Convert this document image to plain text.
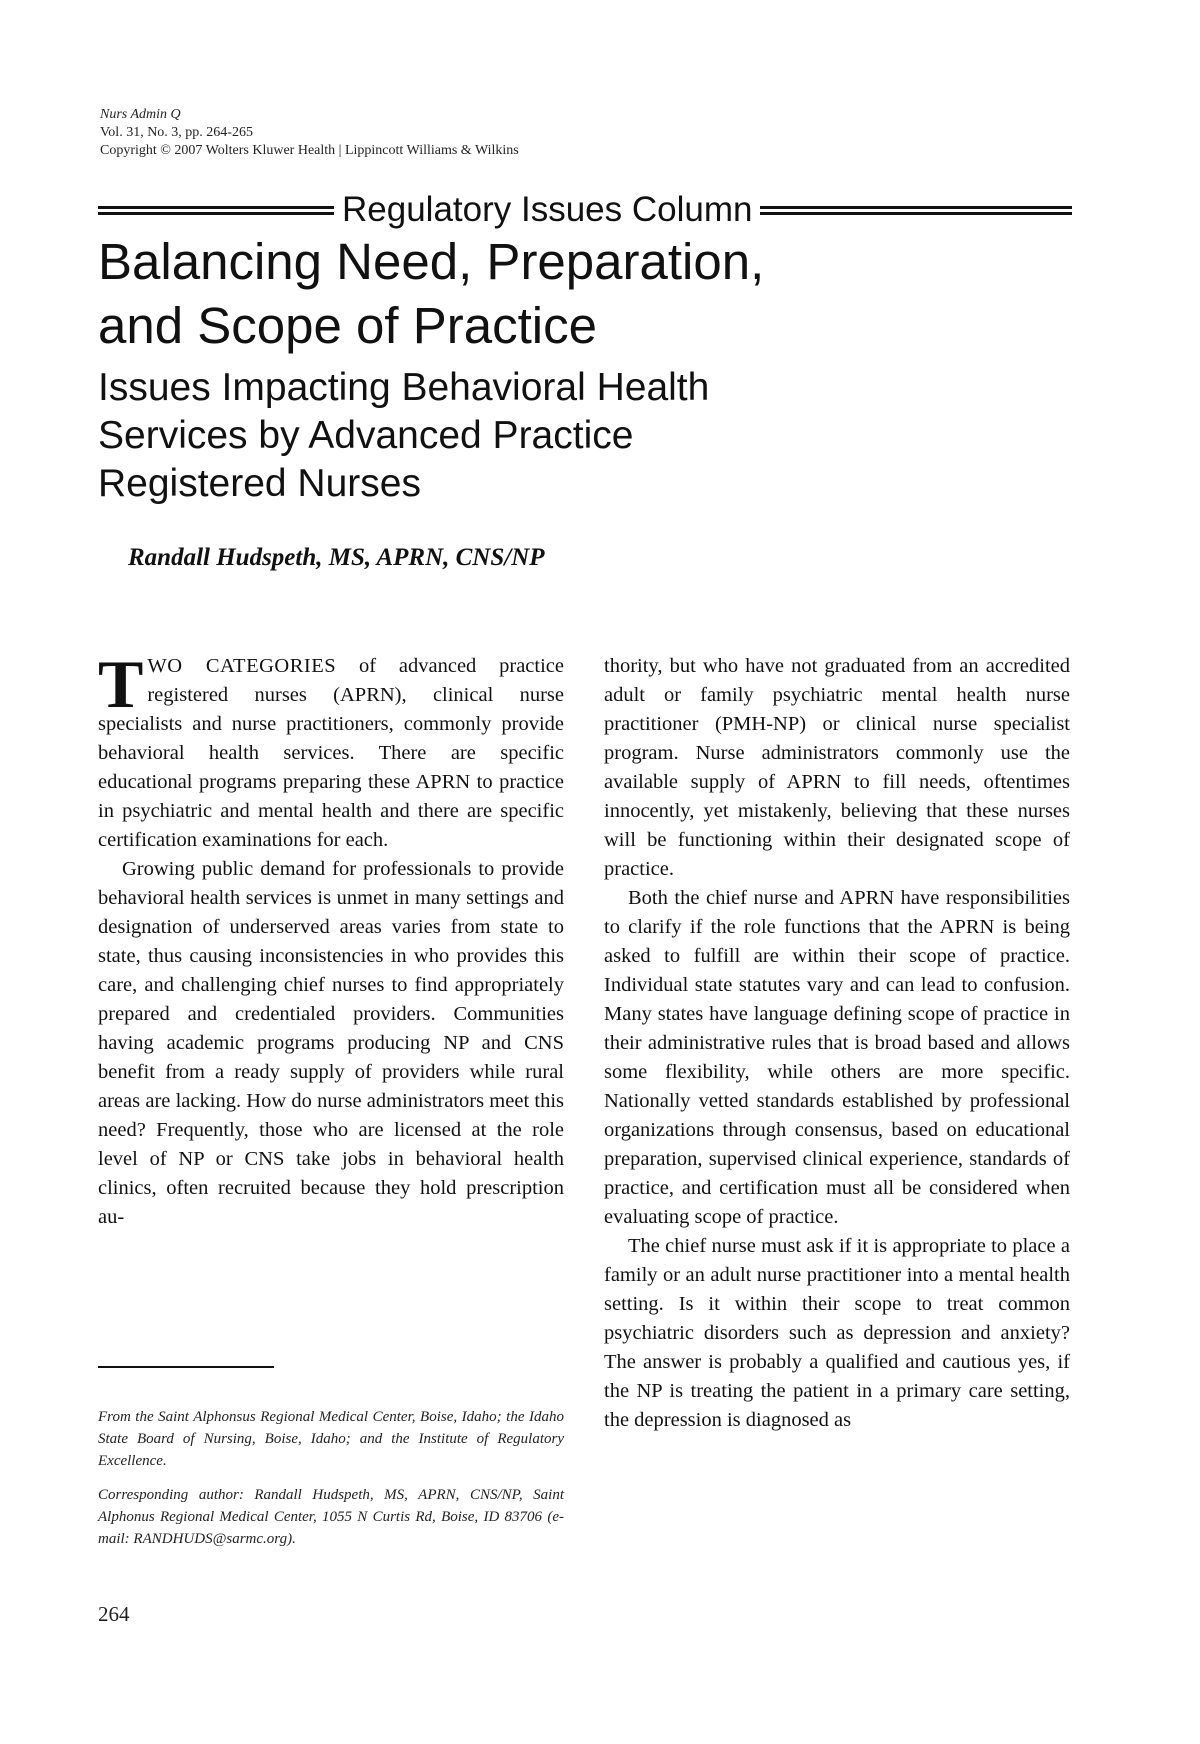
Nurs Admin Q
Vol. 31, No. 3, pp. 264-265
Copyright © 2007 Wolters Kluwer Health | Lippincott Williams & Wilkins
Regulatory Issues Column
Balancing Need, Preparation,
and Scope of Practice
Issues Impacting Behavioral Health
Services by Advanced Practice
Registered Nurses
Randall Hudspeth, MS, APRN, CNS/NP

TWO CATEGORIES of advanced practice registered nurses (APRN), clinical nurse specialists and nurse practitioners, commonly provide behavioral health services. There are specific educational programs preparing these APRN to practice in psychiatric and mental health and there are specific certification examinations for each.

Growing public demand for professionals to provide behavioral health services is unmet in many settings and designation of underserved areas varies from state to state, thus causing inconsistencies in who provides this care, and challenging chief nurses to find appropriately prepared and credentialed providers. Communities having academic programs producing NP and CNS benefit from a ready supply of providers while rural areas are lacking. How do nurse administrators meet this need? Frequently, those who are licensed at the role level of NP or CNS take jobs in behavioral health clinics, often recruited because they hold prescription au-

thority, but who have not graduated from an accredited adult or family psychiatric mental health nurse practitioner (PMH-NP) or clinical nurse specialist program. Nurse administrators commonly use the available supply of APRN to fill needs, oftentimes innocently, yet mistakenly, believing that these nurses will be functioning within their designated scope of practice.

Both the chief nurse and APRN have responsibilities to clarify if the role functions that the APRN is being asked to fulfill are within their scope of practice. Individual state statutes vary and can lead to confusion. Many states have language defining scope of practice in their administrative rules that is broad based and allows some flexibility, while others are more specific. Nationally vetted standards established by professional organizations through consensus, based on educational preparation, supervised clinical experience, standards of practice, and certification must all be considered when evaluating scope of practice.

The chief nurse must ask if it is appropriate to place a family or an adult nurse practitioner into a mental health setting. Is it within their scope to treat common psychiatric disorders such as depression and anxiety? The answer is probably a qualified and cautious yes, if the NP is treating the patient in a primary care setting, the depression is diagnosed as

From the Saint Alphonsus Regional Medical Center, Boise, Idaho; the Idaho State Board of Nursing, Boise, Idaho; and the Institute of Regulatory Excellence.

Corresponding author: Randall Hudspeth, MS, APRN, CNS/NP, Saint Alphonus Regional Medical Center, 1055 N Curtis Rd, Boise, ID 83706 (e-mail: RANDHUDS@sarmc.org).

264
